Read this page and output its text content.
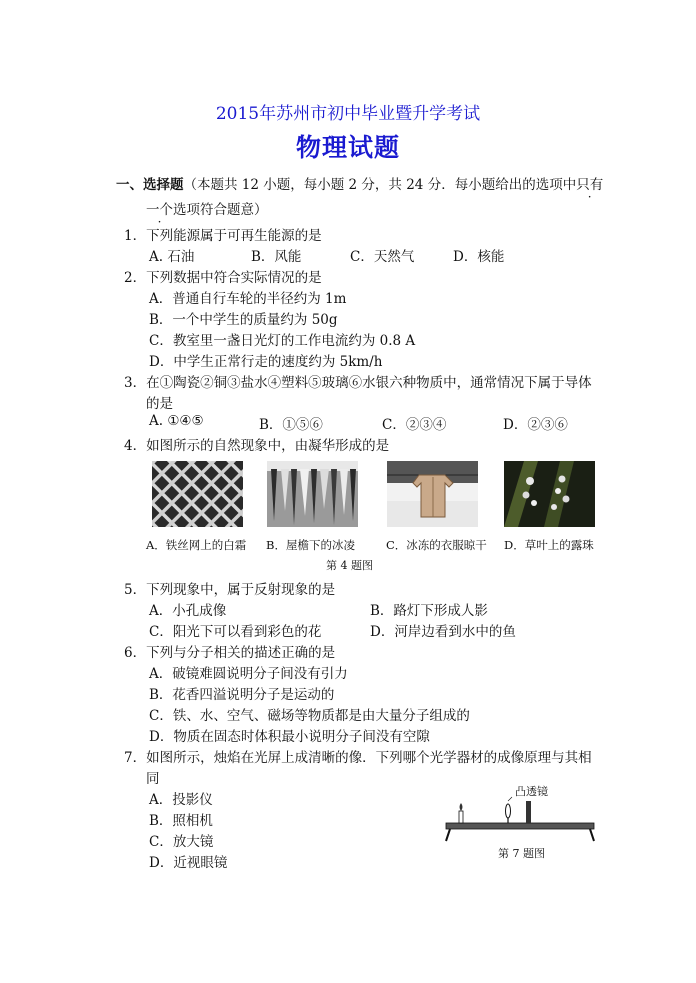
2015年苏州市初中毕业暨升学考试
物理试题
一、选择题（本题共 12 小题，每小题 2 分，共 24 分．每小题给出的选项中只有
一个选项符合题意）
1．下列能源属于可再生能源的是
A. 石油	B．风能	C．天然气	D．核能
2．下列数据中符合实际情况的是
A．普通自行车轮的半径约为 1m
B．一个中学生的质量约为 50g
C．教室里一盏日光灯的工作电流约为 0.8 A
D．中学生正常行走的速度约为 5km/h
3．在①陶瓷②铜③盐水④塑料⑤玻璃⑥水银六种物质中，通常情况下属于导体
的是
A. ①④⑤	B．①⑤⑥	C．②③④	D．②③⑥
4．如图所示的自然现象中，由凝华形成的是
A．铁丝网上的白霜 B．屋檐下的冰凌	C．冰冻的衣服晾干 D．草叶上的露珠
第 4 题图
5．下列现象中，属于反射现象的是
A．小孔成像	B．路灯下形成人影
C．阳光下可以看到彩色的花	D．河岸边看到水中的鱼
6．下列与分子相关的描述正确的是
A．破镜难圆说明分子间没有引力
B．花香四溢说明分子是运动的
C．铁、水、空气、磁场等物质都是由大量分子组成的
D．物质在固态时体积最小说明分子间没有空隙
7．如图所示，烛焰在光屏上成清晰的像．下列哪个光学器材的成像原理与其相
同
A．投影仪
B．照相机
C．放大镜
D．近视眼镜
凸透镜
第 7 题图
